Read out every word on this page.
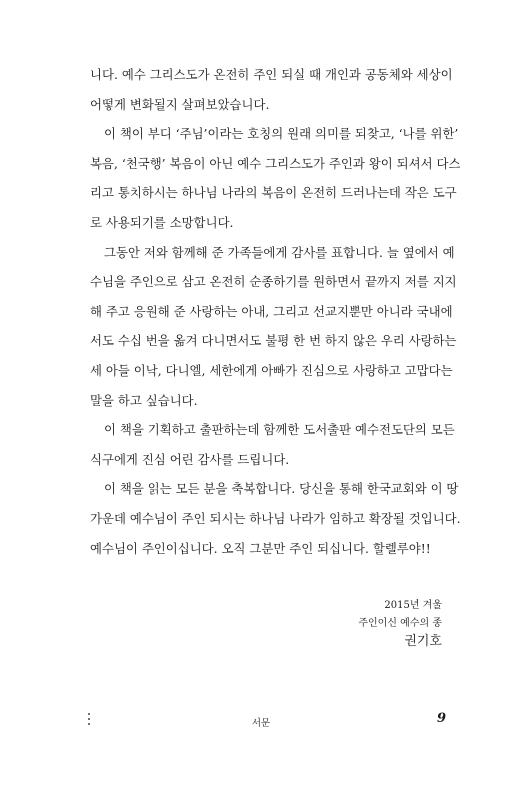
니다. 예수 그리스도가 온전히 주인 되실 때 개인과 공동체와 세상이
어떻게 변화될지 살펴보았습니다.
이 책이 부디 ‘주님’이라는 호칭의 원래 의미를 되찾고, ‘나를 위한’
복음, ‘천국행’ 복음이 아닌 예수 그리스도가 주인과 왕이 되셔서 다스
리고 통치하시는 하나님 나라의 복음이 온전히 드러나는데 작은 도구
로 사용되기를 소망합니다.
그동안 저와 함께해 준 가족들에게 감사를 표합니다. 늘 옆에서 예
수님을 주인으로 삼고 온전히 순종하기를 원하면서 끝까지 저를 지지
해 주고 응원해 준 사랑하는 아내, 그리고 선교지뿐만 아니라 국내에
서도 수십 번을 옮겨 다니면서도 불평 한 번 하지 않은 우리 사랑하는
세 아들 이낙, 다니엘, 세한에게 아빠가 진심으로 사랑하고 고맙다는
말을 하고 싶습니다.
이 책을 기획하고 출판하는데 함께한 도서출판 예수전도단의 모든
식구에게 진심 어린 감사를 드립니다.
이 책을 읽는 모든 분을 축복합니다. 당신을 통해 한국교회와 이 땅
가운데 예수님이 주인 되시는 하나님 나라가 임하고 확장될 것입니다.
예수님이 주인이십니다. 오직 그분만 주인 되십니다. 할렐루야!!
2015년 겨울
주인이신 예수의 종
권기호
서문	9
